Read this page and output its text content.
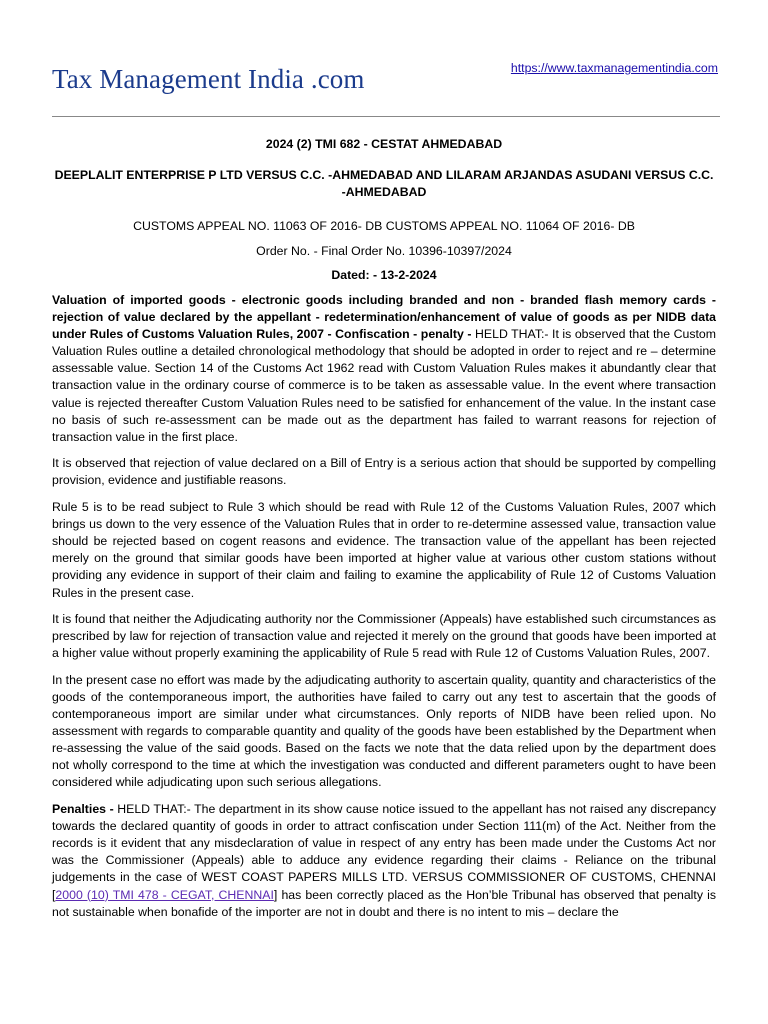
Tax Management India .com	https://www.taxmanagementindia.com
2024 (2) TMI 682 - CESTAT AHMEDABAD
DEEPLALIT ENTERPRISE P LTD VERSUS C.C. -AHMEDABAD AND LILARAM ARJANDAS ASUDANI VERSUS C.C. -AHMEDABAD
CUSTOMS APPEAL NO. 11063 OF 2016- DB CUSTOMS APPEAL NO. 11064 OF 2016- DB
Order No. - Final Order No. 10396-10397/2024
Dated: - 13-2-2024

Valuation of imported goods - electronic goods including branded and non - branded flash memory cards - rejection of value declared by the appellant - redetermination/enhancement of value of goods as per NIDB data under Rules of Customs Valuation Rules, 2007 - Confiscation - penalty - HELD THAT:- It is observed that the Custom Valuation Rules outline a detailed chronological methodology that should be adopted in order to reject and re – determine assessable value. Section 14 of the Customs Act 1962 read with Custom Valuation Rules makes it abundantly clear that transaction value in the ordinary course of commerce is to be taken as assessable value. In the event where transaction value is rejected thereafter Custom Valuation Rules need to be satisfied for enhancement of the value. In the instant case no basis of such re-assessment can be made out as the department has failed to warrant reasons for rejection of transaction value in the first place.

It is observed that rejection of value declared on a Bill of Entry is a serious action that should be supported by compelling provision, evidence and justifiable reasons.

Rule 5 is to be read subject to Rule 3 which should be read with Rule 12 of the Customs Valuation Rules, 2007 which brings us down to the very essence of the Valuation Rules that in order to re-determine assessed value, transaction value should be rejected based on cogent reasons and evidence. The transaction value of the appellant has been rejected merely on the ground that similar goods have been imported at higher value at various other custom stations without providing any evidence in support of their claim and failing to examine the applicability of Rule 12 of Customs Valuation Rules in the present case.

It is found that neither the Adjudicating authority nor the Commissioner (Appeals) have established such circumstances as prescribed by law for rejection of transaction value and rejected it merely on the ground that goods have been imported at a higher value without properly examining the applicability of Rule 5 read with Rule 12 of Customs Valuation Rules, 2007.

In the present case no effort was made by the adjudicating authority to ascertain quality, quantity and characteristics of the goods of the contemporaneous import, the authorities have failed to carry out any test to ascertain that the goods of contemporaneous import are similar under what circumstances. Only reports of NIDB have been relied upon. No assessment with regards to comparable quantity and quality of the goods have been established by the Department when re-assessing the value of the said goods. Based on the facts we note that the data relied upon by the department does not wholly correspond to the time at which the investigation was conducted and different parameters ought to have been considered while adjudicating upon such serious allegations.

Penalties - HELD THAT:- The department in its show cause notice issued to the appellant has not raised any discrepancy towards the declared quantity of goods in order to attract confiscation under Section 111(m) of the Act. Neither from the records is it evident that any misdeclaration of value in respect of any entry has been made under the Customs Act nor was the Commissioner (Appeals) able to adduce any evidence regarding their claims - Reliance on the tribunal judgements in the case of WEST COAST PAPERS MILLS LTD. VERSUS COMMISSIONER OF CUSTOMS, CHENNAI [2000 (10) TMI 478 - CEGAT, CHENNAI] has been correctly placed as the Hon’ble Tribunal has observed that penalty is not sustainable when bonafide of the importer are not in doubt and there is no intent to mis – declare the
